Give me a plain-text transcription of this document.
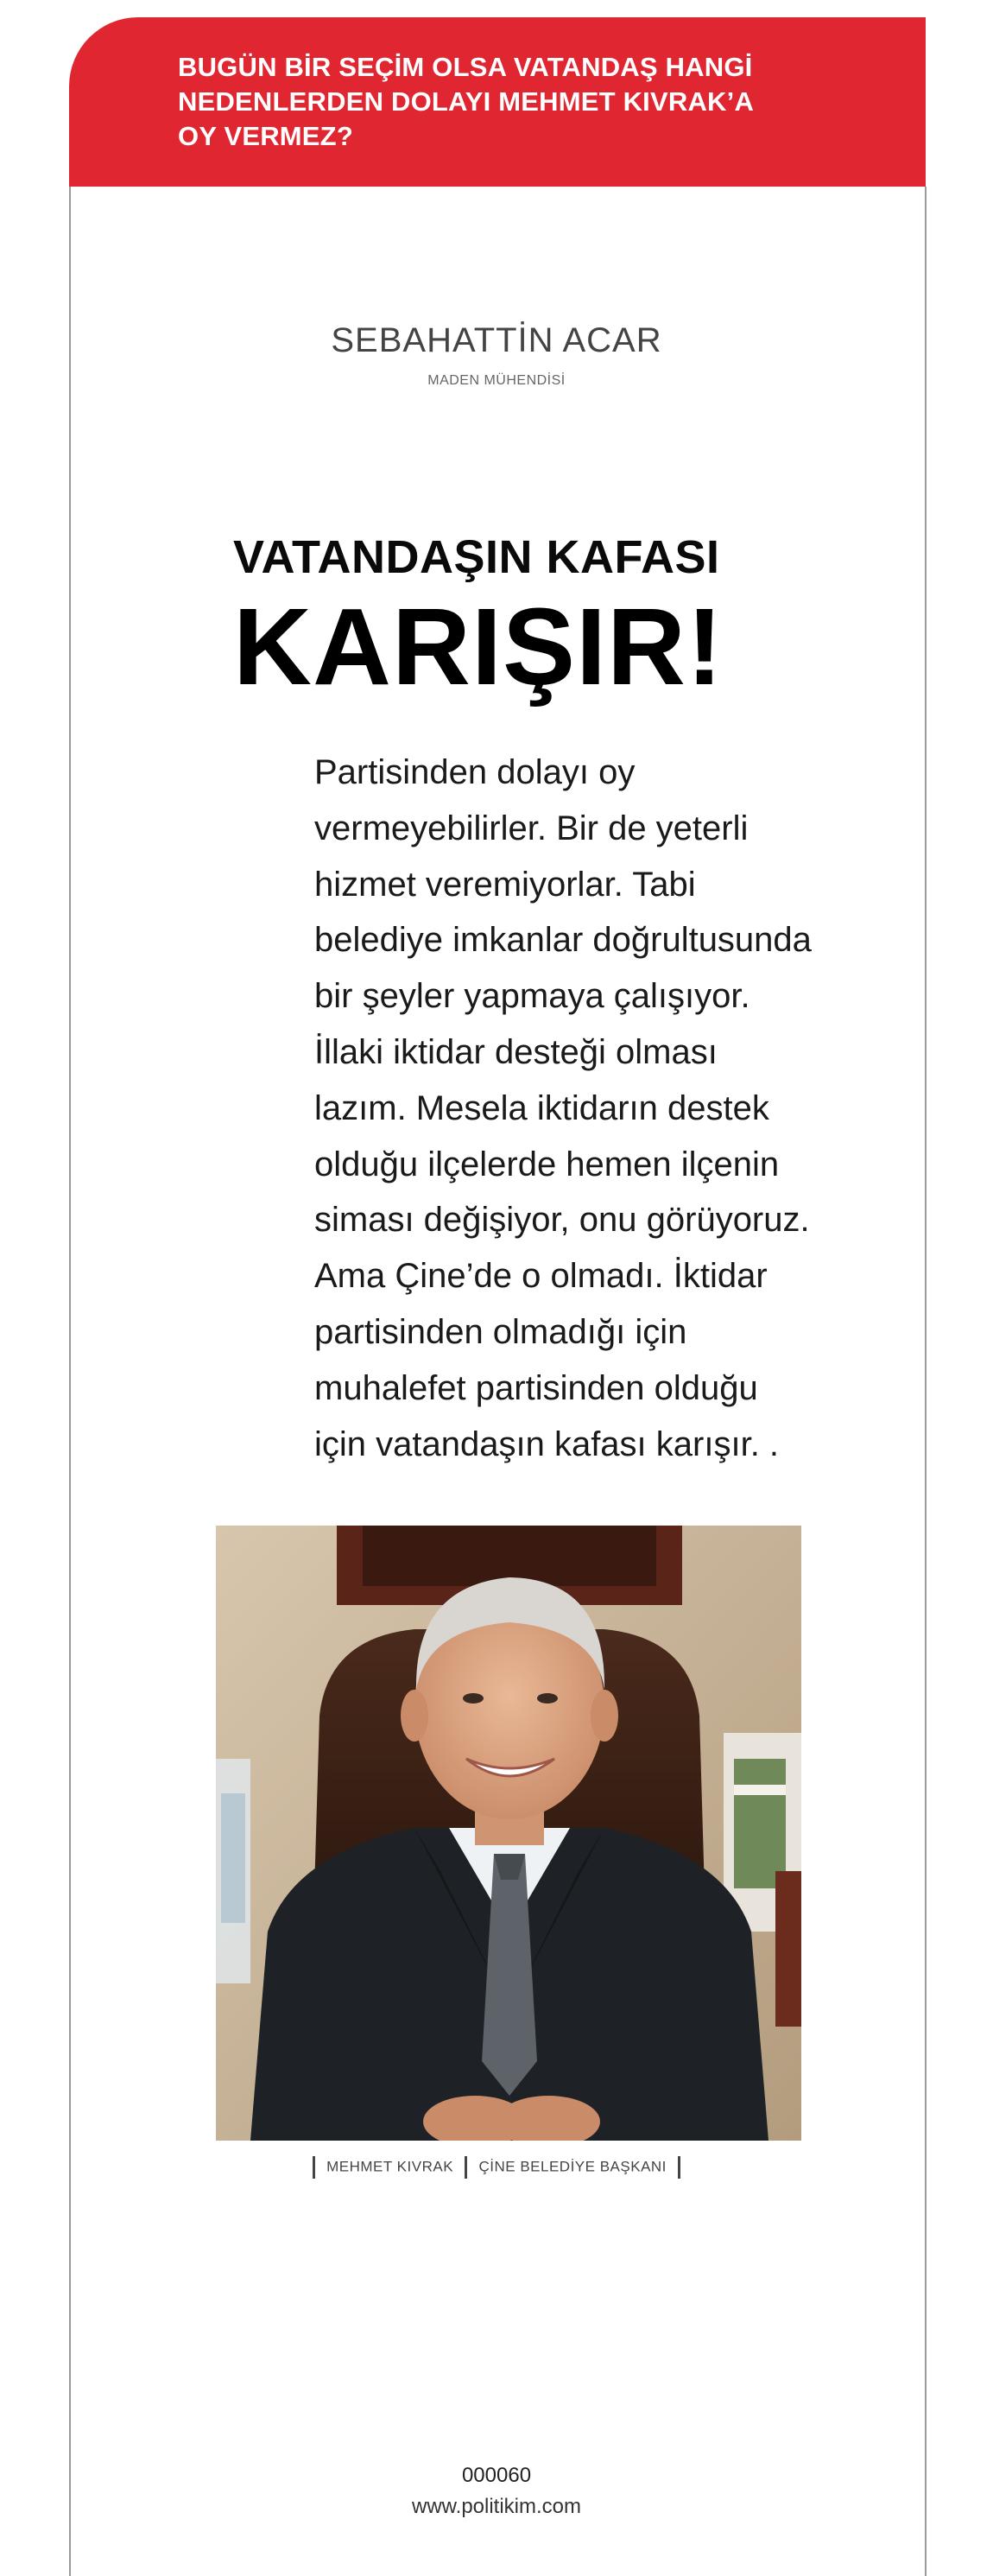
BUGÜN BİR SEÇİM OLSA VATANDAŞ HANGİ
NEDENLERDEN DOLAYI MEHMET KIVRAK’A
OY VERMEZ?

SEBAHATTİN ACAR
MADEN MÜHENDİSİ
VATANDAŞIN KAFASI
KARIŞIR!

Partisinden dolayı oy
vermeyebilirler. Bir de yeterli
hizmet veremiyorlar. Tabi
belediye imkanlar doğrultusunda
bir şeyler yapmaya çalışıyor.
İllaki iktidar desteği olması
lazım. Mesela iktidarın destek
olduğu ilçelerde hemen ilçenin
siması değişiyor, onu görüyoruz.
Ama Çine’de o olmadı. İktidar
partisinden olmadığı için
muhalefet partisinden olduğu
için vatandaşın kafası karışır. .

MEHMET KIVRAK ÇİNE BELEDİYE BAŞKANI
000060
www.politikim.com
